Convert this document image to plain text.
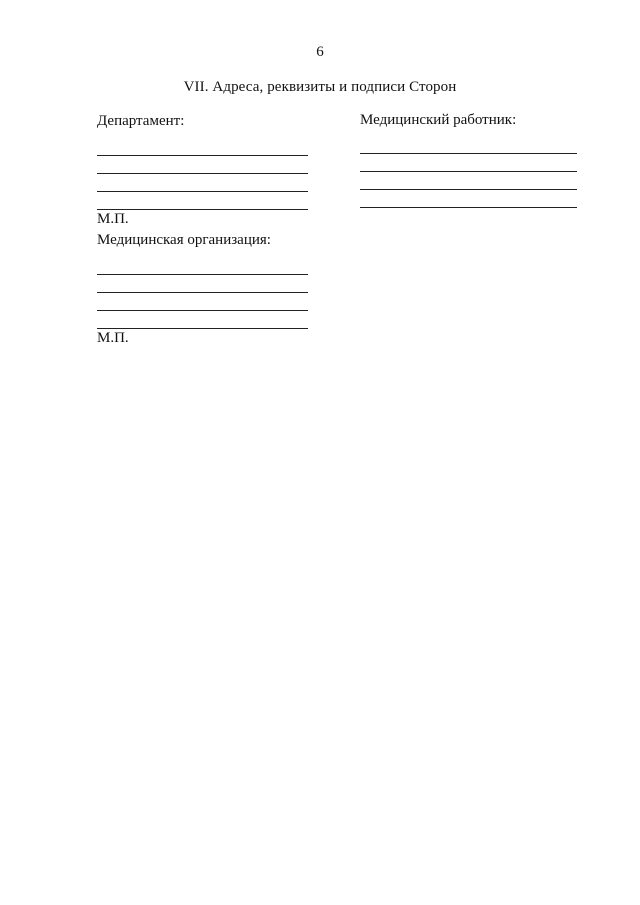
6
VII. Адреса, реквизиты и подписи Сторон
Департамент:
М.П.
Медицинский работник:
Медицинская организация:
М.П.
